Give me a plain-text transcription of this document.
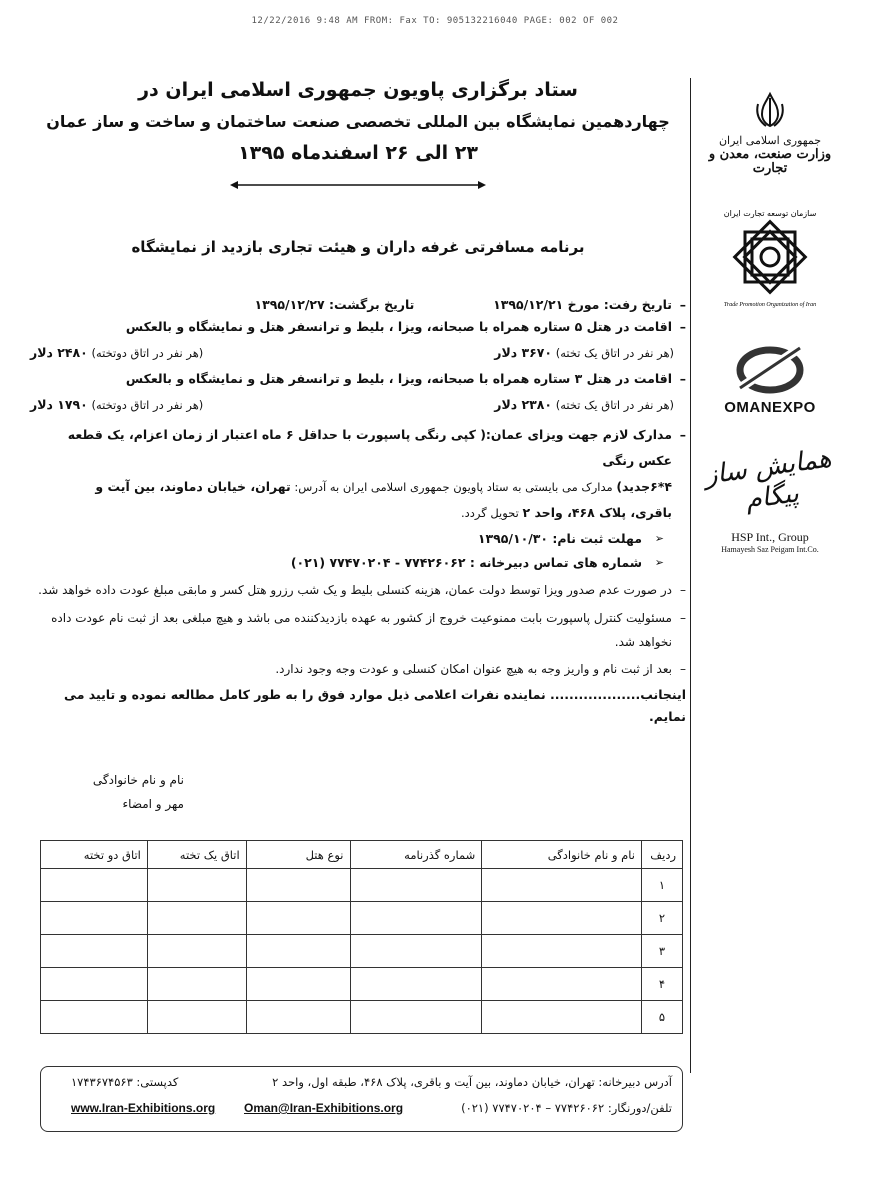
12/22/2016 9:48 AM FROM: Fax TO: 905132216040 PAGE: 002 OF 002
جمهوری اسلامی ایران
وزارت صنعت، معدن و تجارت
سازمان توسعه تجارت ایران
Trade Promotion Organization of Iran
OMANEXPO
همایش ساز پیگام
HSP Int., Group
Hamayesh Saz Peigam Int.Co.
ستاد برگزاری پاویون جمهوری اسلامی ایران در
چهاردهمین نمایشگاه بین المللی تخصصی صنعت ساختمان و ساخت و ساز عمان
۲۳ الی ۲۶ اسفندماه ۱۳۹۵
برنامه مسافرتی غرفه داران و هیئت تجاری بازدید از نمایشگاه
– تاریخ رفت: مورخ ۱۳۹۵/۱۲/۲۱  تاریخ برگشت: ۱۳۹۵/۱۲/۲۷
– اقامت در هتل ۵ ستاره همراه با صبحانه، ویزا ، بلیط و ترانسفر هتل و نمایشگاه و بالعکس
(هر نفر در اتاق یک تخته) ۳۶۷۰ دلار
(هر نفر در اتاق دوتخته) ۲۴۸۰ دلار
– اقامت در هتل ۳ ستاره همراه با صبحانه، ویزا ، بلیط و ترانسفر هتل و نمایشگاه و بالعکس
(هر نفر در اتاق یک تخته) ۲۳۸۰ دلار
(هر نفر در اتاق دوتخته) ۱۷۹۰ دلار
– مدارک لازم جهت ویزای عمان:( کپی رنگی پاسپورت با حداقل ۶ ماه اعتبار از زمان اعزام، یک قطعه عکس رنگی
۴*۶جدید) مدارک می بایستی به ستاد پاویون جمهوری اسلامی ایران به آدرس: تهران، خیابان دماوند، بین آیت و
باقری، پلاک ۴۶۸، واحد ۲ تحویل گردد.
➢ مهلت ثبت نام: ۱۳۹۵/۱۰/۳۰
➢ شماره های تماس دبیرخانه : ۷۷۴۲۶۰۶۲ - ۷۷۴۷۰۲۰۴ (۰۲۱)
– در صورت عدم صدور ویزا توسط دولت عمان، هزینه کنسلی بلیط و یک شب رزرو هتل کسر و مابقی مبلغ عودت داده خواهد شد.
– مسئولیت کنترل پاسپورت بابت ممنوعیت خروج از کشور به عهده بازدیدکننده می باشد و هیچ مبلغی بعد از ثبت نام عودت داده نخواهد شد.
– بعد از ثبت نام و واریز وجه به هیچ عنوان امکان کنسلی و عودت وجه وجود ندارد.
اینجانب................... نماینده نفرات اعلامی ذیل موارد فوق را به طور کامل مطالعه نموده و تایید می نمایم.
نام و نام خانوادگی
مهر و امضاء
ردیف	نام و نام خانوادگی	شماره گذرنامه	نوع هتل	اتاق یک تخته	اتاق دو تخته
۱					
۲					
۳					
۴					
۵					
آدرس دبیرخانه: تهران، خیابان دماوند، بین آیت و باقری، پلاک ۴۶۸، طبقه اول، واحد ۲
تلفن/دورنگار: ۷۷۴۲۶۰۶۲ – ۷۷۴۷۰۲۰۴ (۰۲۱)
کدپستی: ۱۷۴۳۶۷۴۵۶۳
Oman@Iran-Exhibitions.org
www.Iran-Exhibitions.org
